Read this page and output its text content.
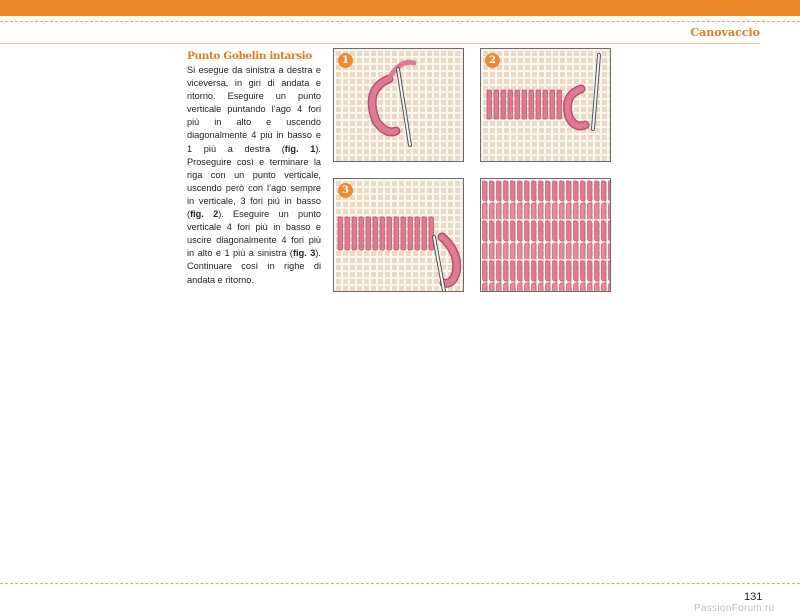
Canovaccio
Punto Gobelin intarsio

Si esegue da sinistra a destra e viceversa, in giri di andata e ritorno. Eseguire un punto verticale puntando l’ago 4 fori più in alto e uscendo diagonalmente 4 più in basso e 1 più a destra (fig. 1). Proseguire così e terminare la riga con un punto verticale, uscendo però con l’ago sempre in verticale, 3 fori più in basso (fig. 2). Eseguire un punto verticale 4 fori più in basso e uscire diagonalmente 4 fori più in alto e 1 più a sinistra (fig. 3). Continuare così in righe di andata e ritorno.

1	2
3
131
PassionForum.ru
